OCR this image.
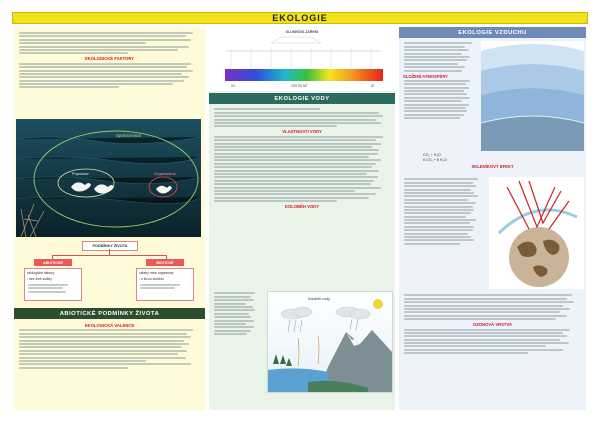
EKOLOGIE
EKOLOGICKÉ FAKTORY
Společenstvo
Populace	Organismus
PODMÍNKY ŽIVOTA
ABIOTICKÉ	BIOTICKÉ
ekologické faktory
- bez živé složky
vztahy mezi organismy
- s živou složkou
ABIOTICKÉ PODMÍNKY ŽIVOTA
EKOLOGICKÁ VALENCE
SLUNEČNÍ ZÁŘENÍ
UV	VIDITELNÉ	IR
EKOLOGIE VODY
VLASTNOSTI VODY
KOLOBĚH VODY
Koloběh vody
EKOLOGIE VZDUCHU
SLOŽENÍ ATMOSFÉRY
CO₂ + H₂O
6 CO₂ + 6 H₂O
SKLENÍKOVÝ EFEKT
OZONOVÁ VRSTVA
